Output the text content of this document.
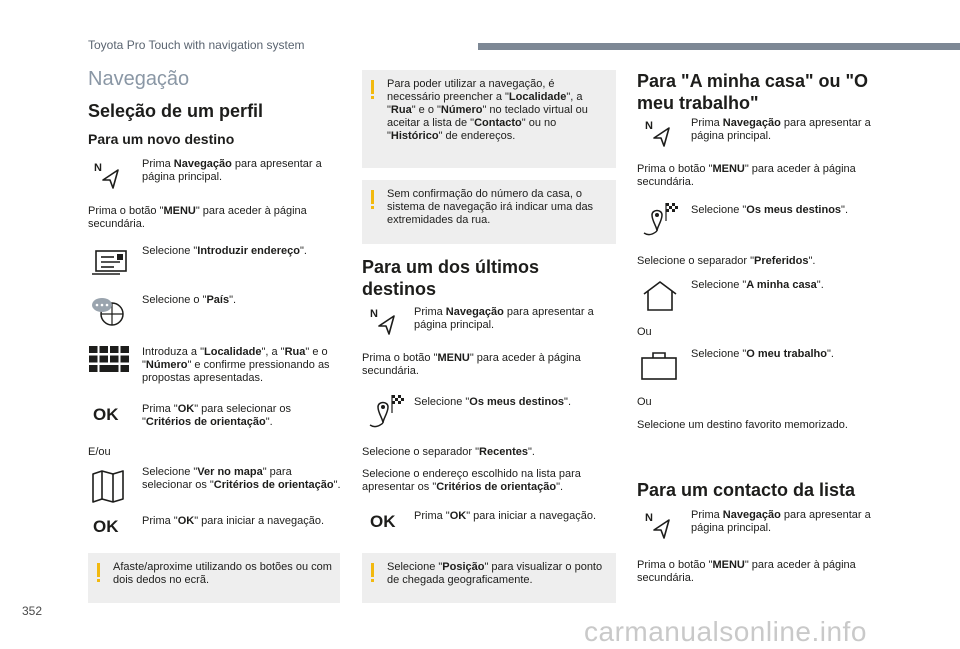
Toyota Pro Touch with navigation system
352
carmanualsonline.info
Navegação
Seleção de um perfil
Para um novo destino
N	Prima Navegação para apresentar a página principal.
Prima o botão "MENU" para aceder à página secundária.
Selecione "Introduzir endereço".
Selecione o "País".
Introduza a "Localidade", a "Rua" e o "Número" e confirme pressionando as propostas apresentadas.
OK Prima "OK" para selecionar os "Critérios de orientação".
E/ou
Selecione "Ver no mapa" para selecionar os "Critérios de orientação".
OK Prima "OK" para iniciar a navegação.
Afaste/aproxime utilizando os botões ou com dois dedos no ecrã.
Para poder utilizar a navegação, é necessário preencher a "Localidade", a "Rua" e o "Número" no teclado virtual ou aceitar a lista de "Contacto" ou no "Histórico" de endereços.
Sem confirmação do número da casa, o sistema de navegação irá indicar uma das extremidades da rua.
Para um dos últimos destinos
N	Prima Navegação para apresentar a página principal.
Prima o botão "MENU" para aceder à página secundária.
Selecione "Os meus destinos".
Selecione o separador "Recentes".
Selecione o endereço escolhido na lista para apresentar os "Critérios de orientação".
OK Prima "OK" para iniciar a navegação.
Selecione "Posição" para visualizar o ponto de chegada geograficamente.
Para "A minha casa" ou "O meu trabalho"
N	Prima Navegação para apresentar a página principal.
Prima o botão "MENU" para aceder à página secundária.
Selecione "Os meus destinos".
Selecione o separador "Preferidos".
Selecione "A minha casa".
Ou
Selecione "O meu trabalho".
Ou
Selecione um destino favorito memorizado.
Para um contacto da lista
N	Prima Navegação para apresentar a página principal.
Prima o botão "MENU" para aceder à página secundária.
